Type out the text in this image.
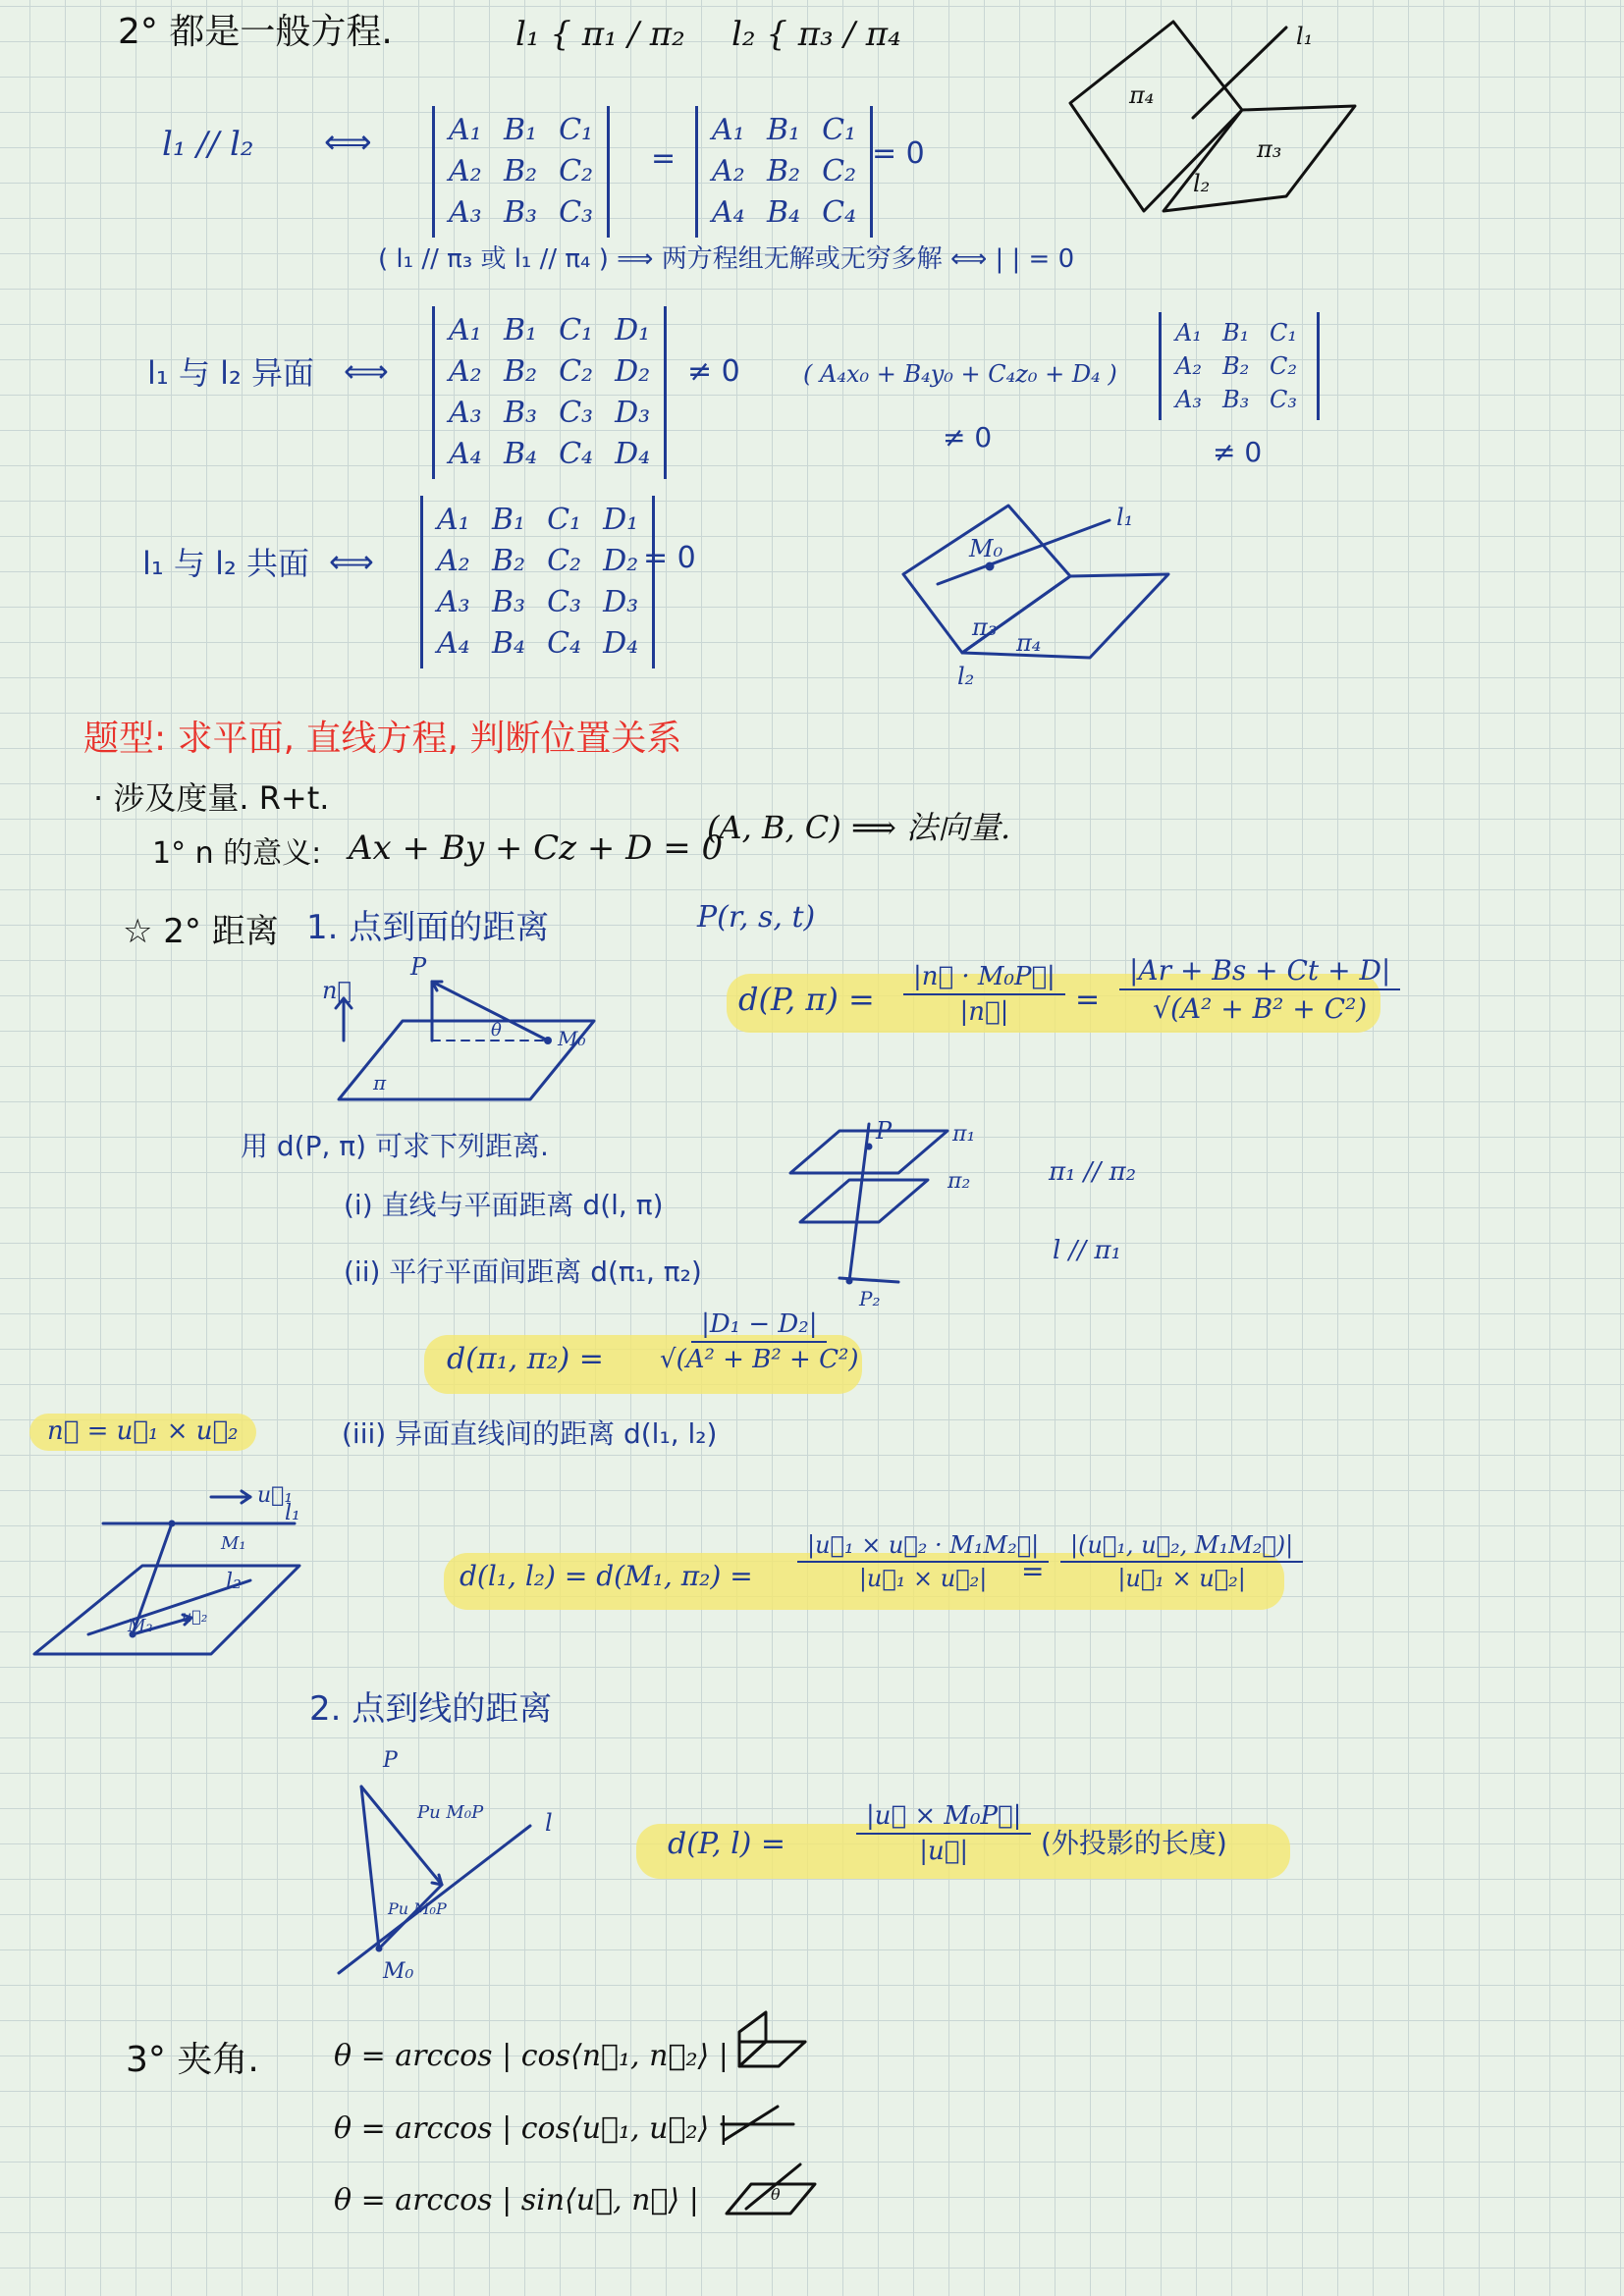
2° 都是一般方程.	l₁ { π₁ / π₂ l₂ { π₃ / π₄
π₄
π₃
l₁
l₂
l₁ // l₂ ⟺	A₁ B₁ C₁
A₂ B₂ C₂
A₃ B₃ C₃
=
A₁ B₁ C₁
A₂ B₂ C₂
A₄ B₄ C₄
= 0
( l₁ // π₃ 或 l₁ // π₄ ) ⟹ 两方程组无解或无穷多解 ⟺ | | = 0
l₁ 与 l₂ 异面 ⟺
A₁ B₁ C₁ D₁
A₂ B₂ C₂ D₂
A₃ B₃ C₃ D₃
A₄ B₄ C₄ D₄
≠ 0	( A₄x₀ + B₄y₀ + C₄z₀ + D₄ )
≠ 0
A₁ B₁ C₁
A₂ B₂ C₂
A₃ B₃ C₃
≠ 0
l₁ 与 l₂ 共面 ⟺
A₁ B₁ C₁ D₁
A₂ B₂ C₂ D₂
A₃ B₃ C₃ D₃
A₄ B₄ C₄ D₄
= 0
l₁
M₀
π₃
π₄
l₂
题型: 求平面, 直线方程, 判断位置关系
· 涉及度量. R+t.
1° n 的意义: Ax + By + Cz + D = 0
(A, B, C) ⟹ 法向量.
☆ 2° 距离 1. 点到面的距离	P(r, s, t)
n⃗
P
θ	M₀
π
d(P, $\pi) = \frac{\text{|n⃗ · M₀P⃗|}}{|n⃗|} = \frac{|Ar + Bs + Ct + D|}{\text{√(A² + B² + C²)}}$
用 d(P, π) 可求下列距离.
(i) 直线与平面距离 d(l, π)
(ii) 平行平面间距离 d(π₁, π₂)
P	π₁
π₂
P₂
π₁ // π₂
l // π₁
d(π₁, $\pi_2) = \frac{\text{|D₁ − D₂|}}{\text{√(A² + B² + C²)}}$
n⃗ = u⃗₁ × u⃗₂	(iii) 异面直线间的距离 d(l₁, l₂)
u⃗₁
l₁
M₁
l₂
M₂ u⃗₂
d(l₁, l₂) = d(M₁, $\pi_2) = \frac{\text{|u⃗₁ × u⃗₂ · M₁M₂⃗|}}{\text{|u⃗₁ × u⃗₂|}}$
= $\frac{\text{|(u⃗₁, u⃗₂, M₁M₂⃗)|}}{\text{|u⃗₁ × u⃗₂|}}$
2. 点到线的距离
P
Pu M₀P	l
Pu M₀P
M₀
d(P, l) =	$\frac{\text{|u⃗ × M₀P⃗|}}{|u⃗|}$ (外投影的长度)
3° 夹角.	θ = arccos | cos⟨n⃗₁, n⃗₂⟩ |
θ = arccos | cos⟨u⃗₁, u⃗₂⟩ |
θ = arccos | sin⟨u⃗, n⃗⟩ |	θ
